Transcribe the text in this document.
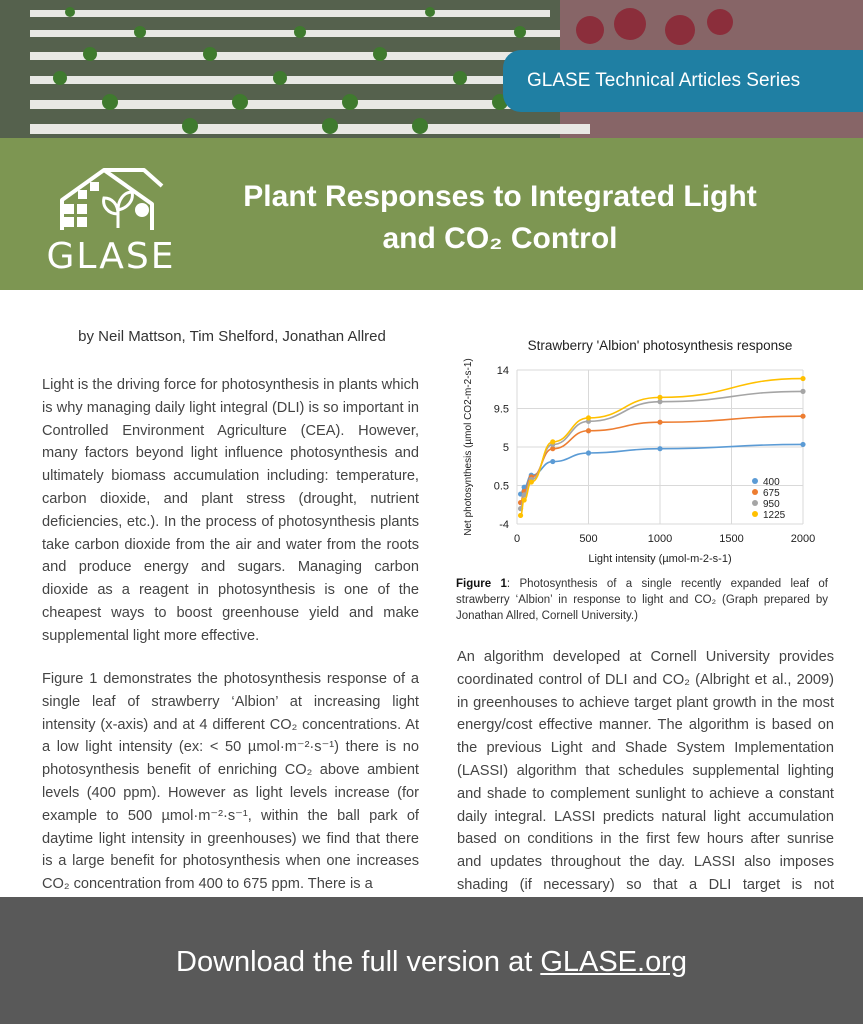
GLASE Technical Articles Series
GLASE
Plant Responses to Integrated Light
and CO₂ Control
by Neil Mattson, Tim Shelford, Jonathan Allred

Light is the driving force for photosynthesis in plants which is why managing daily light integral (DLI) is so important in Controlled Environment Agriculture (CEA). However, many factors beyond light influence photosynthesis and ultimately biomass accumulation including: temperature, carbon dioxide, and plant stress (drought, nutrient deficiencies, etc.). In the process of photosynthesis plants take carbon dioxide from the air and water from the roots and produce energy and sugars. Managing carbon dioxide as a reagent in photosynthesis is one of the cheapest ways to boost greenhouse yield and make supplemental light more effective.

Figure 1 demonstrates the photosynthesis response of a single leaf of strawberry ‘Albion’ at increasing light intensity (x-axis) and at 4 different CO₂ concentrations. At a low light intensity (ex: < 50 µmol·m⁻²·s⁻¹) there is no photosynthesis benefit of enriching CO₂ above ambient levels (400 ppm). However as light levels increase (for example to 500 µmol·m⁻²·s⁻¹, within the ball park of daytime light intensity in greenhouses) we find that there is a large benefit for photosynthesis when one increases CO₂ concentration from 400 to 675 ppm. There is a

An algorithm developed at Cornell University provides coordinated control of DLI and CO₂ (Albright et al., 2009) in greenhouses to achieve target plant growth in the most energy/cost effective manner. The algorithm is based on the previous Light and Shade System Implementation (LASSI) algorithm that schedules supplemental lighting and shade to complement sunlight to achieve a constant daily integral. LASSI predicts natural light accumulation based on conditions in the first few hours after sunrise and updates throughout the day. LASSI also imposes shading (if necessary) so that a DLI target is not

Strawberry 'Albion' photosynthesis response
-4
0.5
5
9.5
14
0	500	1000	1500	2000
Net photosynthesis (µmol CO2-m-2-s-1)
Light intensity (µmol-m-2-s-1)
400
675
950
1225

Figure 1: Photosynthesis of a single recently expanded leaf of strawberry ‘Albion’ in response to light and CO₂ (Graph prepared by Jonathan Allred, Cornell University.)

Download the full version at GLASE.org
